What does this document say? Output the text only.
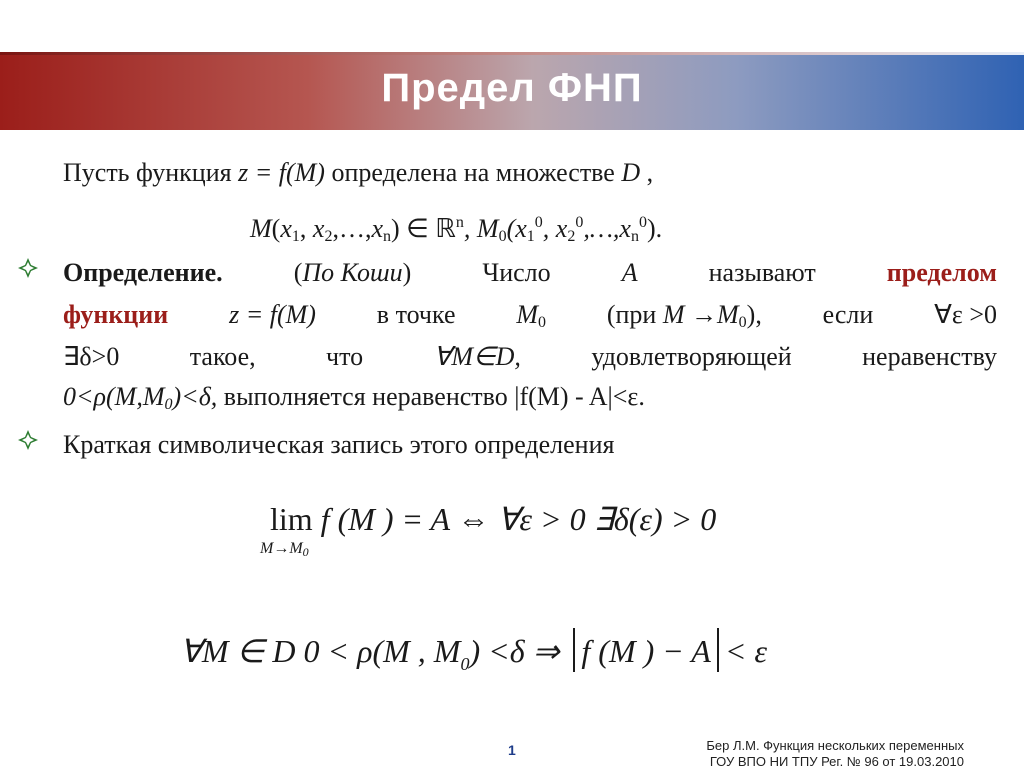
Предел ФНП
Пусть функция z = f(M) определена на множестве D ,
$M(x_1$, $x_2,\dots,x_n$) ∈ ℝ$^n$, $M_0(x_1^0$, $x_2^0,\dots,x_n^0$).
Определение.	(По Коши)	Число	A	называют	пределом
функции z = f(M) в точке $M_0$ (при $M \to M_0$), если ∀ε >0
∃δ>0	такое,	что	∀M∈D,	удовлетворяющей	неравенству
$0<\rho(M,M_0)<\delta$, выполняется неравенство |f(M) - A|<ε.
Краткая символическая запись этого определения
lim f (M ) = A ⇔ ∀ε > 0 ∃δ(ε) > 0
M→M0
∀M ∈ D 0 < ρ(M , $M_0) <\delta$ ⇒ f (M ) − A < ε
1	Бер Л.М. Функция нескольких переменных
ГОУ ВПО НИ ТПУ Рег. № 96 от 19.03.2010
